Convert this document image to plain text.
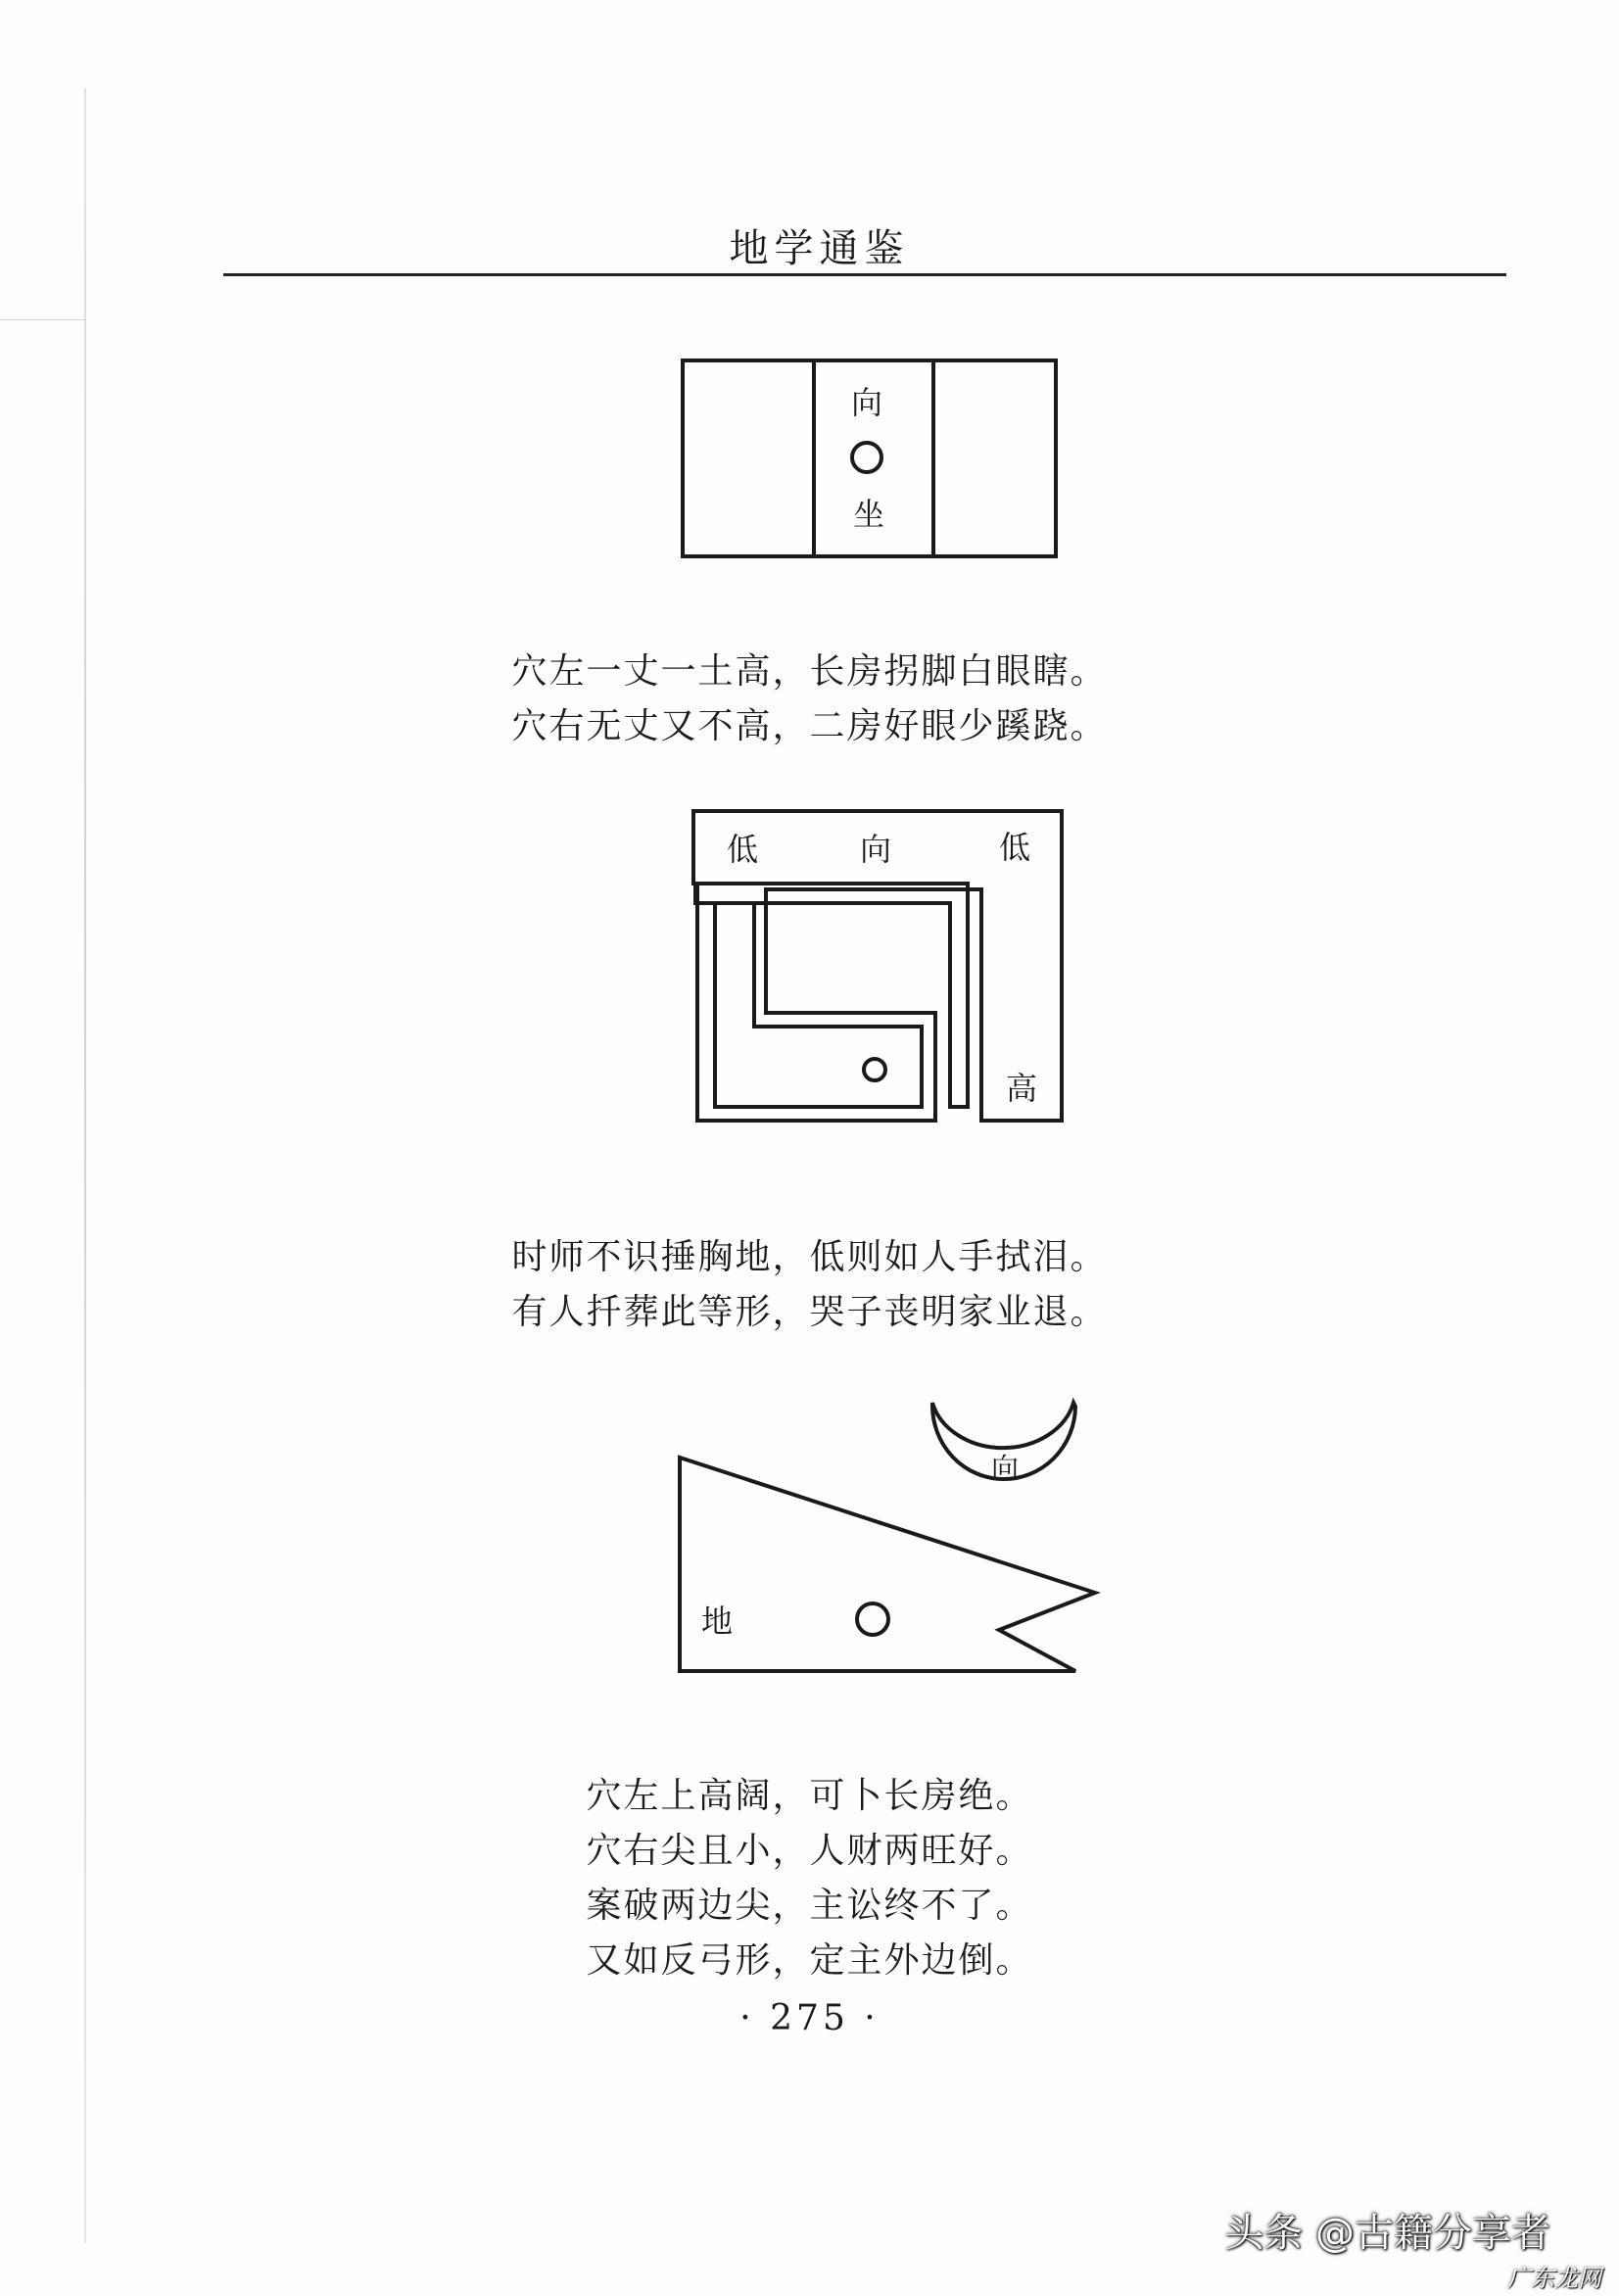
地学通鉴
向
坐

穴左一丈一土高，长房拐脚白眼瞎。

穴右无丈又不高，二房好眼少蹊跷。

低	向	低
高

时师不识捶胸地，低则如人手拭泪。

有人扦葬此等形，哭子丧明家业退。

向
地

穴左上高阔，可卜长房绝。

穴右尖且小，人财两旺好。

案破两边尖，主讼终不了。

又如反弓形，定主外边倒。

· 275 ·
头条 @古籍分享者
广东龙网
